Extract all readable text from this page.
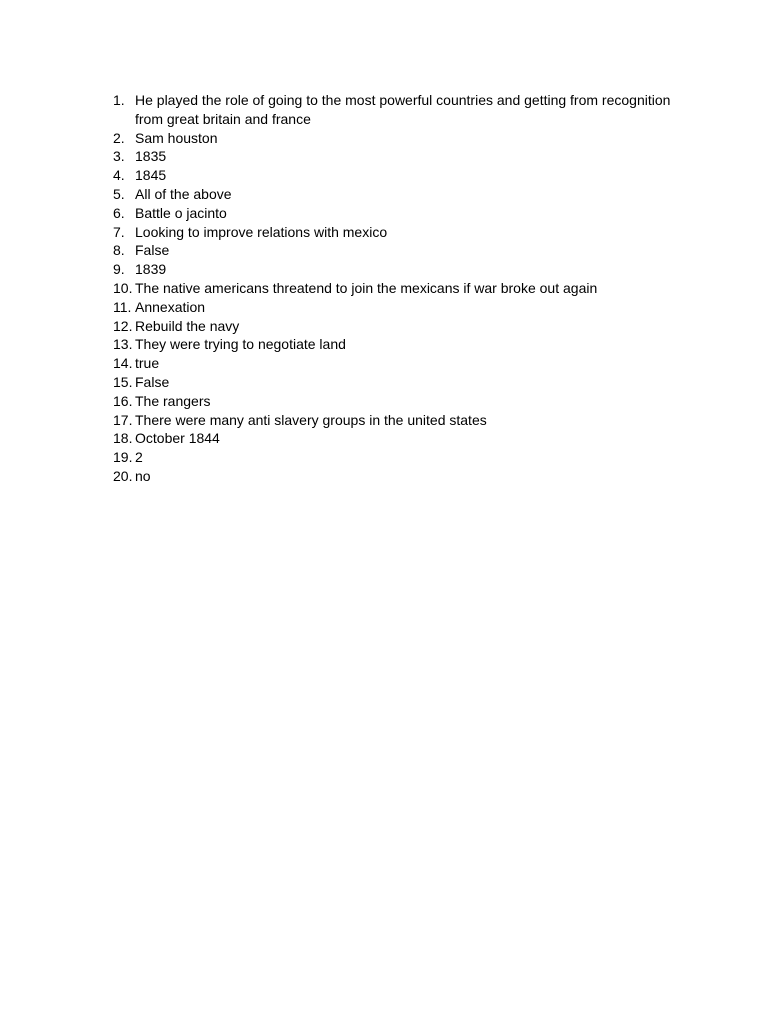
1. He played the role of going to the most powerful countries and getting from recognition from great britain and france
2. Sam houston
3. 1835
4. 1845
5. All of the above
6. Battle o jacinto
7. Looking to improve relations with mexico
8. False
9. 1839
10. The native americans threatend to join the mexicans if war broke out again
11. Annexation
12. Rebuild the navy
13. They were trying to negotiate land
14. true
15. False
16. The rangers
17. There were many anti slavery groups in the united states
18. October 1844
19. 2
20. no
